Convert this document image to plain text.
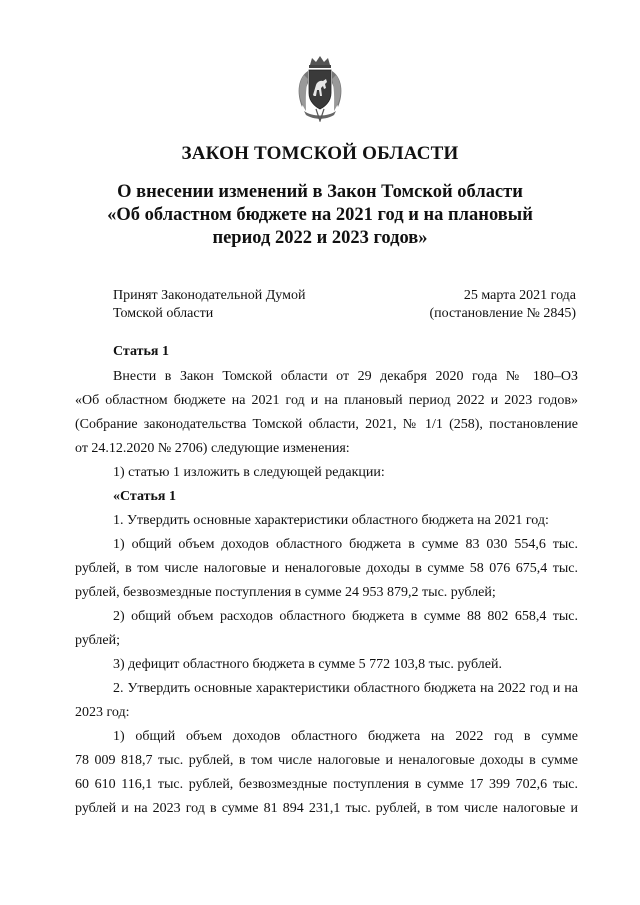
ЗАКОН ТОМСКОЙ ОБЛАСТИ
О внесении изменений в Закон Томской области
«Об областном бюджете на 2021 год и на плановый
период 2022 и 2023 годов»
Принят Законодательной Думой
Томской области
25 марта 2021 года
(постановление № 2845)

Статья 1

Внести в Закон Томской области от 29 декабря 2020 года № 180–ОЗ
«Об областном бюджете на 2021 год и на плановый период 2022 и 2023 годов»
(Собрание законодательства Томской области, 2021, № 1/1 (258), постановление
от 24.12.2020 № 2706) следующие изменения:

1) статью 1 изложить в следующей редакции:

«Статья 1

1. Утвердить основные характеристики областного бюджета на 2021 год:

1) общий объем доходов областного бюджета в сумме 83 030 554,6 тыс.
рублей, в том числе налоговые и неналоговые доходы в сумме 58 076 675,4 тыс.
рублей, безвозмездные поступления в сумме 24 953 879,2 тыс. рублей;

2) общий объем расходов областного бюджета в сумме 88 802 658,4 тыс.
рублей;

3) дефицит областного бюджета в сумме 5 772 103,8 тыс. рублей.

2. Утвердить основные характеристики областного бюджета на 2022 год и на
2023 год:

1) общий объем доходов областного бюджета на 2022 год в сумме
78 009 818,7 тыс. рублей, в том числе налоговые и неналоговые доходы в сумме
60 610 116,1 тыс. рублей, безвозмездные поступления в сумме 17 399 702,6 тыс.
рублей и на 2023 год в сумме 81 894 231,1 тыс. рублей, в том числе налоговые и
